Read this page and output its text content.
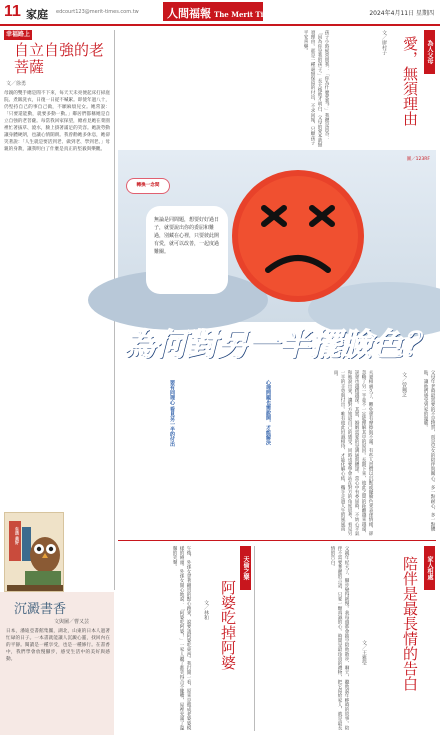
11 家庭 edcourt123@merit-times.com.tw	人間福報 The Merit Times	2024年4月11日 星期四
幸福路上
自立自強的老菩薩
文／徐勇
母親的雙手總是閒不下來，每天天未亮便起床打掃庭院、煮飯洗衣，日復一日從不喊累。即使年過八十，仍堅持自己的事自己做，不願麻煩兒女。她常說：「只要還能動，就要多動一動。」鄰居們都稱她是自立自強的老菩薩。每當我回家探望，總看見她在菜園裡忙著拔草、澆水，臉上掛著滿足的笑容。她說勞動讓身體硬朗，也讓心情開朗。我曾勸她多休息，她卻笑著說：「人生就是要活到老、做到老、學到老。」母親的身教，讓我明白了什麼是真正的堅毅與樂觀。
生活 美好
沉澱書香
文與圖／曹又芸
日本，潘迪亞書館集團，湖北，山東的日本人過著忙碌的日子。一本書就能讓人沉澱心靈，找回內在的平靜。閱讀是一種享受，也是一種修行。在書香中，我們學會放慢腳步，感受生活中的美好與感動。
孩子小時候常問我：「你為什麼愛我？」我總是回答：「因為你是我的孩子。」長大後他才明白，父母的愛本就無須理由。那是一種毫無保留的付出，不求回報，只願孩子平安喜樂。	文／廖村子 愛，無須理由	為人父母
轉換一念間
無論是同間題，想要好好過日子，就要說出你的委屈和難過，別藏在心裡，只要彼此開有愛，就可以改善，一起度過難關。
圖／123RF
為何對另一半擺臉色？
夫妻相處久了，難免會有摩擦與不滿。有些人習慣以沉默或擺臉色來表達情緒，卻忽略了另一半並不一定能理解其中的原因。長期下來，彼此之間的距離越來越遠，誤會也越積越深。其實，婚姻需要的是溝通與體諒。當心中有委屈時，不妨心平氣和地說出來，讓對方知道自己的感受。同時也要學會站在對方的角度思考，看見另一半的辛勞與付出。唯有彼此坦誠相待，才能化解心結，攜手走過人生的風風雨雨。	文／曾珮芝
心理問題也需說開，才能解決
要有同理心 看見另一半的付出	父母年老時最需要的不是物質，而是兒女的陪伴與關心。多一點耐心，多一點體貼，讓他們感受到家的溫暖。
午後，外孫女拿著剛買的點心跑來，說要請阿婆吃東西。我打開一看，原來是做成老婆婆模樣的饅頭。外孫女開心地說：「阿婆吃阿婆！」一家人聽了都笑得合不攏嘴，屋裡充滿了溫馨的笑聲。
文／林和 阿婆吃掉阿婆
天倫之樂	父親年紀大了，腳步變得緩慢。我每週都會抽空陪他散步、聊天，聽他說年輕時的故事。陪伴不需要華麗的言語，只要一顆真誠的心。時間是最珍貴的禮物，把它留給家人，就是最長情的告白。
文／王雅瑩	陪伴是最長情的告白	家人相處
